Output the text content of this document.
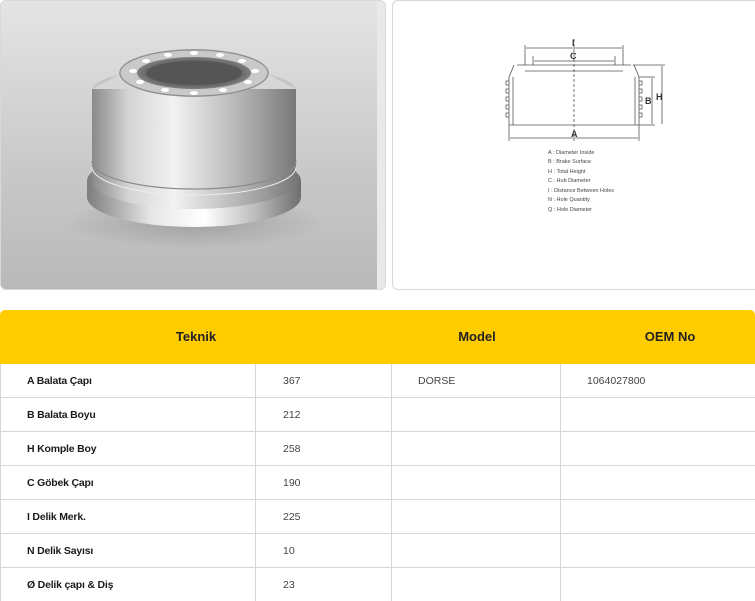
I
C
B H
A
A : Diameter Inside
B : Brake Surface
H : Total Height
C : Hub Diameter
I : Distance Between Holes
N : Hole Quantity
Q : Hole Diameter
Teknik	Model	OEM No
A Balata Çapı	367	DORSE	1064027800
B Balata Boyu	212
H Komple Boy	258
C Göbek Çapı	190
I Delik Merk.	225
N Delik Sayısı	10
Ø Delik çapı & Diş	23
